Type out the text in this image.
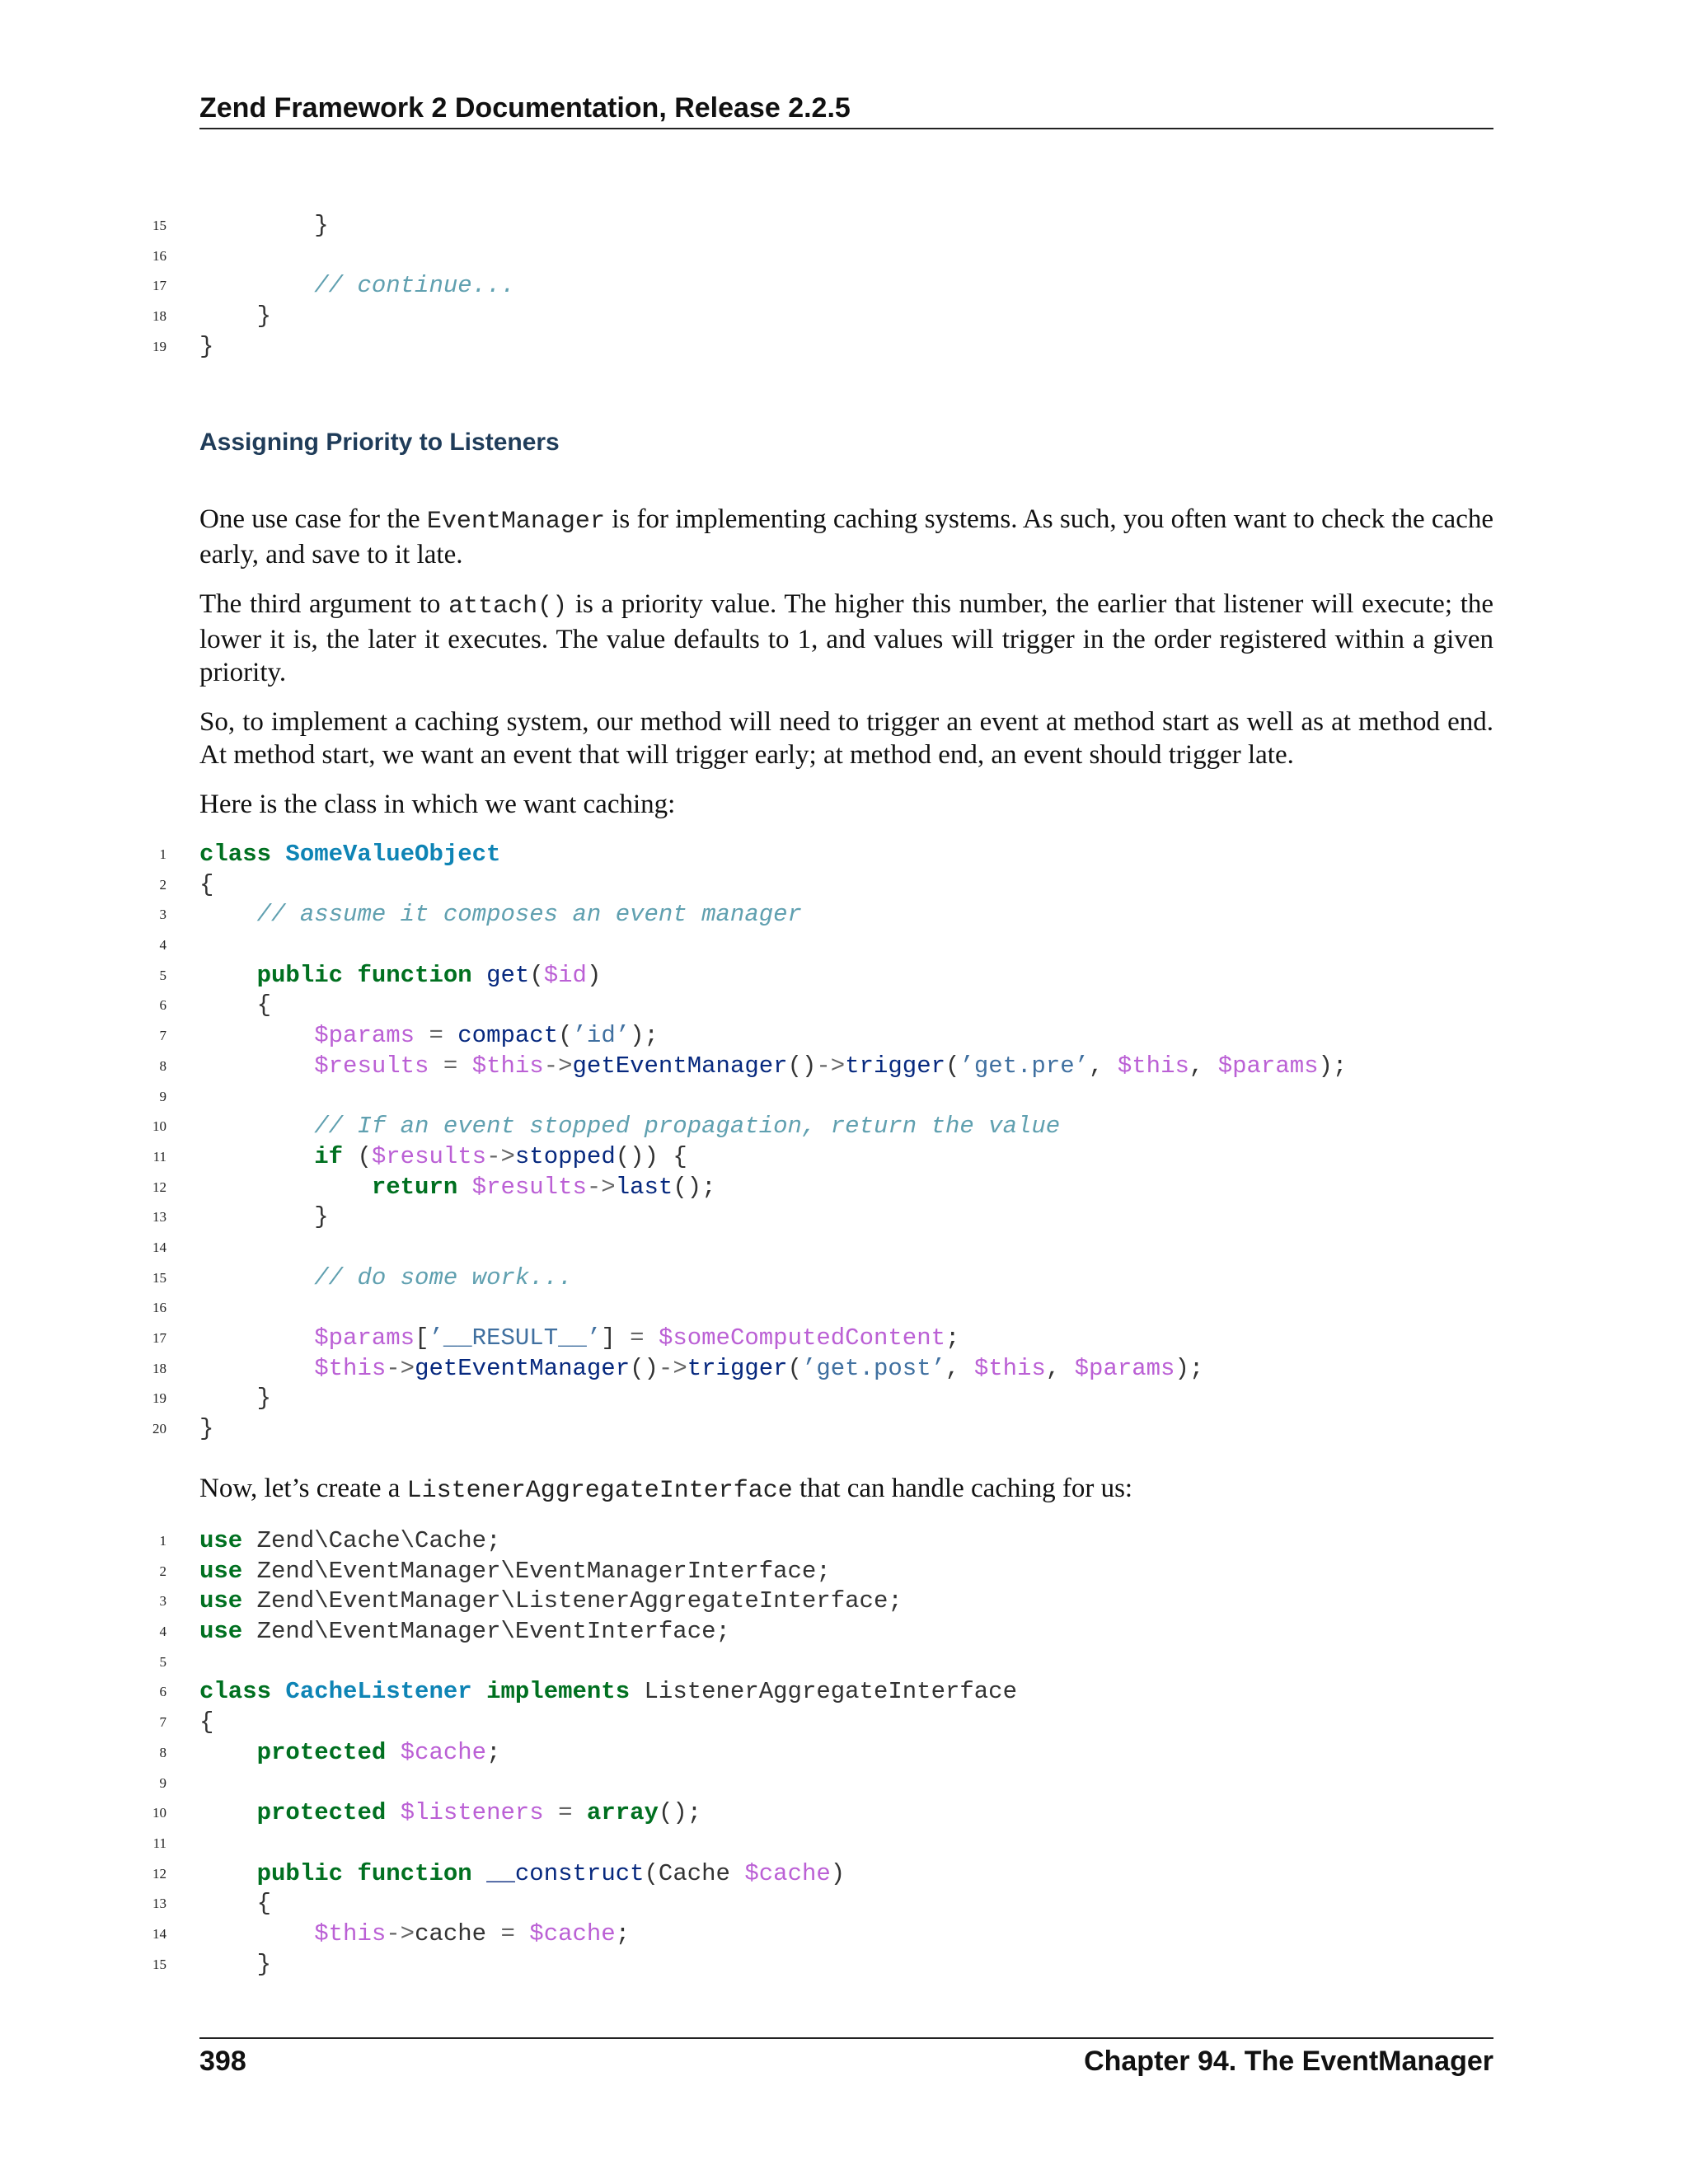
Zend Framework 2 Documentation, Release 2.2.5
15 }
16
17	// continue...
18 }
19 }
Assigning Priority to Listeners

One use case for the EventManager is for implementing caching systems. As such, you often want to check the cache early, and save to it late.

The third argument to attach() is a priority value. The higher this number, the earlier that listener will execute; the lower it is, the later it executes. The value defaults to 1, and values will trigger in the order registered within a given priority.

So, to implement a caching system, our method will need to trigger an event at method start as well as at method end. At method start, we want an event that will trigger early; at method end, an event should trigger late.

Here is the class in which we want caching:

1 class SomeValueObject
2 {
3	// assume it composes an event manager
4
5	public function get($id)
6 {
7	$params = compact(’id’);
8	$results = $this->getEventManager()->trigger(’get.pre’, $this, $params);
9
10	// If an event stopped propagation, return the value
11	if ($results->stopped()) {
12	return $results->last();
13 }
14
15	// do some work...
16
17	$params[’__RESULT__’] = $someComputedContent;
18	$this->getEventManager()->trigger(’get.post’, $this, $params);
19 }
20 }
Now, let’s create a ListenerAggregateInterface that can handle caching for us:
1 use Zend\Cache\Cache;
2 use Zend\EventManager\EventManagerInterface;
3 use Zend\EventManager\ListenerAggregateInterface;
4 use Zend\EventManager\EventInterface;
5
6 class CacheListener implements ListenerAggregateInterface
7 {
8	protected $cache;
9
10	protected $listeners = array();
11
12	public function __construct(Cache $cache)
13 {
14	$this->cache = $cache;
15 }
398	Chapter 94. The EventManager
